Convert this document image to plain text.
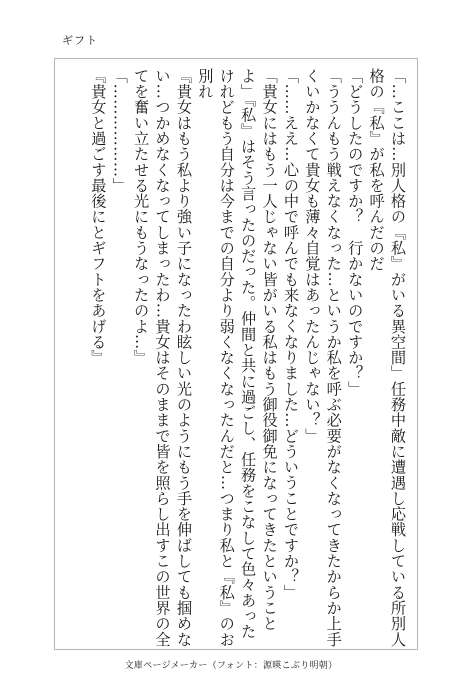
ギフト

「…ここは…別人格の『私』がいる異空間」任務中敵に遭遇し応戦している所別人格の『私』が私を呼んだのだ

「どうしたのですか？　行かないのですか？」

「ううんもう戦えなくなった…というか私を呼ぶ必要がなくなってきたからか上手くいかなくて貴女も薄々自覚はあったんじゃない？」

「……ええ…心の中で呼んでも来なくなりました…どういうことですか？」

「貴女にはもう一人じゃない皆がいる私はもう御役御免になってきたということよ」『私』はそう言ったのだった。仲間と共に過ごし、任務をこなして色々あったけれどもう自分は今までの自分より弱くなくなったんだと…つまり私と『私』のお別れ

『貴女はもう私より強い子になったわ眩しい光のようにもう手を伸ばしても掴めない…つかめなくなってしまったわ…貴女はそのままで皆を照らし出すこの世界の全てを奮い立たせる光にもうなったのよ…』

「………………」

『貴女と過ごす最後にとギフトをあげる』

文庫ページメーカー（フォント：源暎こぶり明朝）
